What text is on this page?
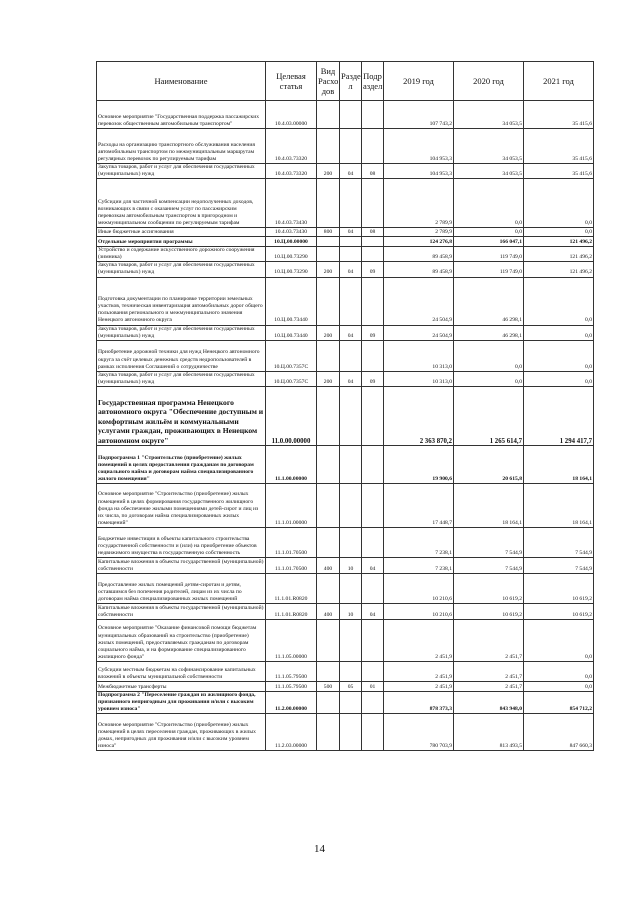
Наименование	Целевая статья	Вид Расхо дов	Разде л	Подр аздел	2019 год	2020 год	2021 год
Основное мероприятие "Государственная поддержка пассажирских перевозок общественным автомобильным транспортом"	10.4.03.00000				107 743,2	34 053,5	35 415,6
Расходы на организацию транспортного обслуживания населения автомобильным транспортом по межмуниципальным маршрутам регулярных перевозок по регулируемым тарифам	10.4.03.73320				104 953,3	34 053,5	35 415,6
Закупка товаров, работ и услуг для обеспечения государственных (муниципальных) нужд	10.4.03.73320	200	04	08	104 953,3	34 053,5	35 415,6
Субсидии для частичной компенсации недополученных доходов, возникающих в связи с оказанием услуг по пассажирским перевозкам автомобильным транспортом в пригородном и межмуниципальном сообщении по регулируемым тарифам	10.4.03.73430				2 789,9	0,0	0,0
Иные бюджетные ассигнования	10.4.03.73430	800	04	08	2 789,9	0,0	0,0
Отдельные мероприятия программы	10.Ц.00.00000				124 276,8	166 047,1	121 496,2
Устройство и содержание искусственного дорожного сооружения (зимника)	10.Ц.00.73290				89 458,9	119 749,0	121 496,2
Закупка товаров, работ и услуг для обеспечения государственных (муниципальных) нужд	10.Ц.00.73290	200	04	09	89 458,9	119 749,0	121 496,2
Подготовка документации по планировке территории земельных участков, техническая инвентаризация автомобильных дорог общего пользования регионального и межмуниципального значения Ненецкого автономного округа	10.Ц.00.73440				24 504,9	46 298,1	0,0
Закупка товаров, работ и услуг для обеспечения государственных (муниципальных) нужд	10.Ц.00.73440	200	04	09	24 504,9	46 298,1	0,0
Приобретение дорожной техники для нужд Ненецкого автономного округа за счёт целевых денежных средств недропользователей в рамках исполнения Соглашений о сотрудничестве	10.Ц.00.7357С				10 313,0	0,0	0,0
Закупка товаров, работ и услуг для обеспечения государственных (муниципальных) нужд	10.Ц.00.7357С	200	04	09	10 313,0	0,0	0,0
Государственная программа Ненецкого автономного округа "Обеспечение доступным и комфортным жильём и коммунальными услугами граждан, проживающих в Ненецком автономном округе"	11.0.00.00000				2 363 870,2	1 265 614,7	1 294 417,7
Подпрограмма 1 "Строительство (приобретение) жилых помещений в целях предоставления гражданам по договорам социального найма и договорам найма специализированного жилого помещения"	11.1.00.00000				19 900,6	20 615,8	18 164,1
Основное мероприятие "Строительство (приобретение) жилых помещений в целях формирования государственного жилищного фонда на обеспечение жилыми помещениями детей-сирот и лиц из их числа, по договорам найма специализированных жилых помещений"	11.1.01.00000				17 448,7	18 164,1	18 164,1
Бюджетные инвестиции в объекты капитального строительства государственной собственности и (или) на приобретение объектов недвижимого имущества в государственную собственность	11.1.01.70500				7 238,1	7 544,9	7 544,9
Капитальные вложения в объекты государственной (муниципальной) собственности	11.1.01.70500	400	10	04	7 238,1	7 544,9	7 544,9
Предоставление жилых помещений детям-сиротам и детям, оставшимся без попечения родителей, лицам из их числа по договорам найма специализированных жилых помещений	11.1.01.R0820				10 210,6	10 619,2	10 619,2
Капитальные вложения в объекты государственной (муниципальной) собственности	11.1.01.R0820	400	10	04	10 210,6	10 619,2	10 619,2
Основное мероприятие "Оказание финансовой помощи бюджетам муниципальных образований на строительство (приобретение) жилых помещений, предоставляемых гражданам по договорам социального найма, и на формирование специализированного жилищного фонда"	11.1.05.00000				2 451,9	2 451,7	0,0
Субсидии местным бюджетам на софинансирование капитальных вложений в объекты муниципальной собственности	11.1.05.79500				2 451,9	2 451,7	0,0
Межбюджетные трансферты	11.1.05.79500	500	05	01	2 451,9	2 451,7	0,0
Подпрограмма 2 "Переселение граждан из жилищного фонда, признанного непригодным для проживания и/или с высоким уровнем износа"	11.2.00.00000				878 373,3	843 948,0	854 712,2
Основное мероприятие "Строительство (приобретение) жилых помещений в целях переселения граждан, проживающих в жилых домах, непригодных для проживания и/или с высоким уровнем износа"	11.2.03.00000				780 703,9	813 493,5	847 660,3
14
